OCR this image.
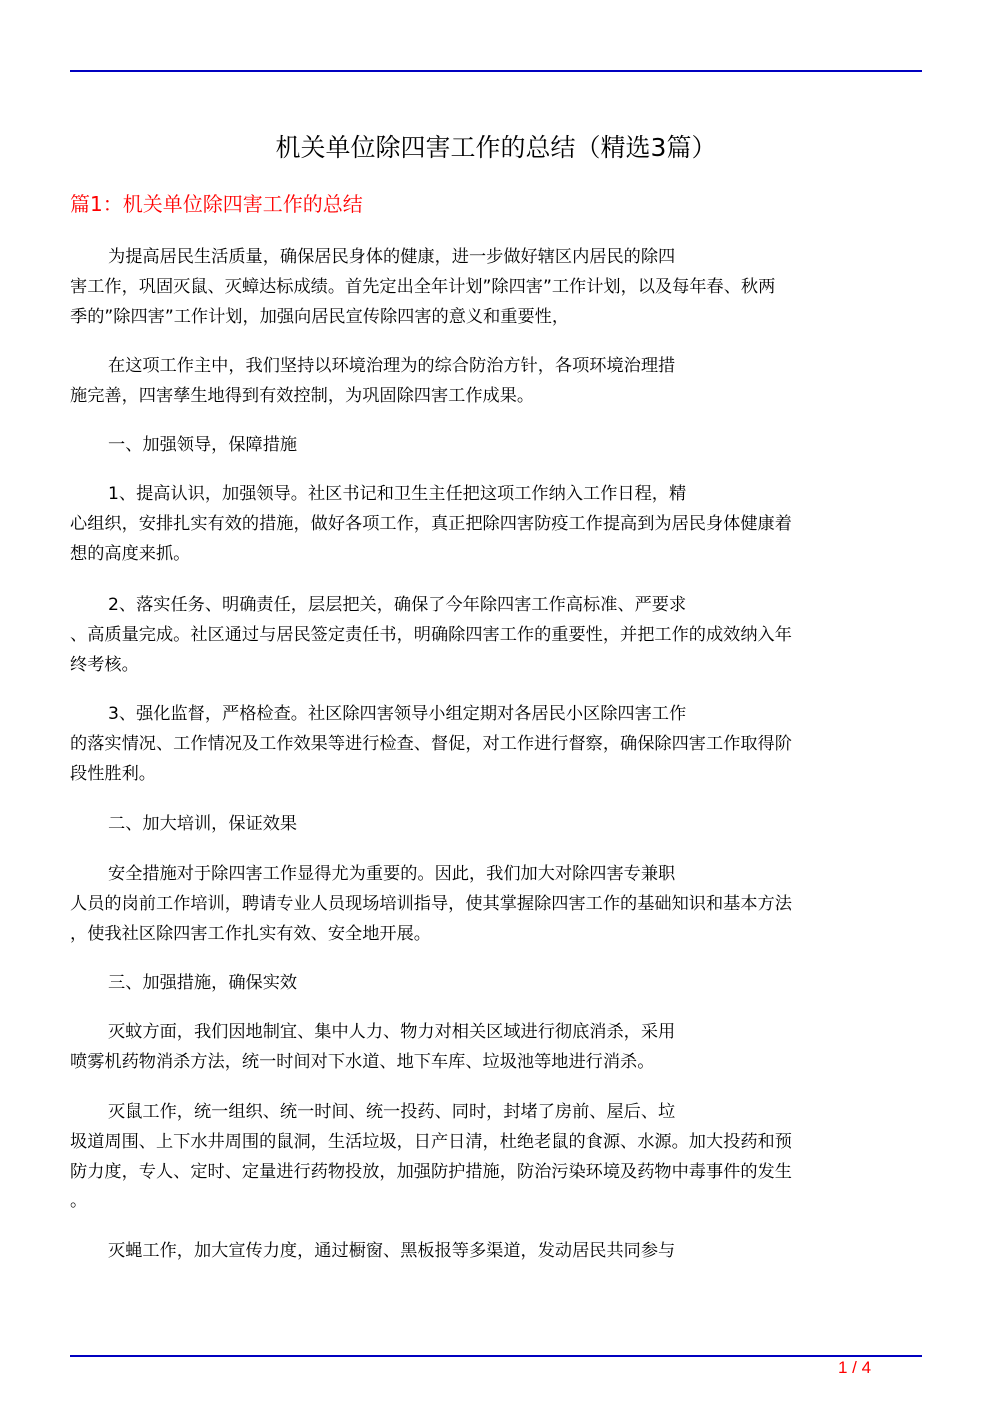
机关单位除四害工作的总结（精选3篇）
篇1：机关单位除四害工作的总结
为提高居民生活质量，确保居民身体的健康，进一步做好辖区内居民的除四
害工作，巩固灭鼠、灭蟑达标成绩。首先定出全年计划”除四害”工作计划，以及每年春、秋两
季的”除四害”工作计划，加强向居民宣传除四害的意义和重要性，
在这项工作主中，我们坚持以环境治理为的综合防治方针，各项环境治理措
施完善，四害孳生地得到有效控制，为巩固除四害工作成果。
一、加强领导，保障措施
1、提高认识，加强领导。社区书记和卫生主任把这项工作纳入工作日程，精
心组织，安排扎实有效的措施，做好各项工作，真正把除四害防疫工作提高到为居民身体健康着
想的高度来抓。
2、落实任务、明确责任，层层把关，确保了今年除四害工作高标准、严要求
、高质量完成。社区通过与居民签定责任书，明确除四害工作的重要性，并把工作的成效纳入年
终考核。
3、强化监督，严格检查。社区除四害领导小组定期对各居民小区除四害工作
的落实情况、工作情况及工作效果等进行检查、督促，对工作进行督察，确保除四害工作取得阶
段性胜利。
二、加大培训，保证效果
安全措施对于除四害工作显得尤为重要的。因此，我们加大对除四害专兼职
人员的岗前工作培训，聘请专业人员现场培训指导，使其掌握除四害工作的基础知识和基本方法
，使我社区除四害工作扎实有效、安全地开展。
三、加强措施，确保实效
灭蚊方面，我们因地制宜、集中人力、物力对相关区域进行彻底消杀，采用
喷雾机药物消杀方法，统一时间对下水道、地下车库、垃圾池等地进行消杀。
灭鼠工作，统一组织、统一时间、统一投药、同时，封堵了房前、屋后、垃
圾道周围、上下水井周围的鼠洞，生活垃圾，日产日清，杜绝老鼠的食源、水源。加大投药和预
防力度，专人、定时、定量进行药物投放，加强防护措施，防治污染环境及药物中毒事件的发生
。
灭蝇工作，加大宣传力度，通过橱窗、黑板报等多渠道，发动居民共同参与
1 / 4
